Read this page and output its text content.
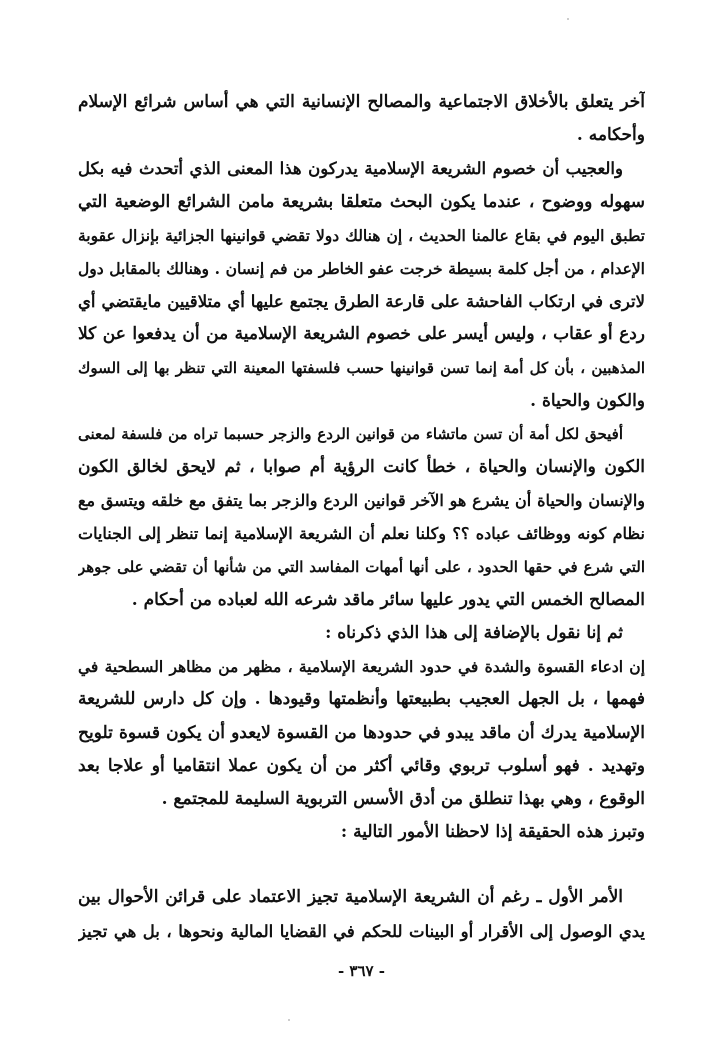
آخر يتعلق بالأخلاق الاجتماعية والمصالح الإنسانية التي هي أساس شرائع الإسلام
وأحكامه .
والعجيب أن خصوم الشريعة الإسلامية يدركون هذا المعنى الذي أتحدث فيه بكل
سهوله ووضوح ، عندما يكون البحث متعلقا بشريعة مامن الشرائع الوضعية التي
تطبق اليوم في بقاع عالمنا الحديث ، إن هنالك دولا تقضي قوانينها الجزائية بإنزال عقوبة
الإعدام ، من أجل كلمة بسيطة خرجت عفو الخاطر من فم إنسان . وهنالك بالمقابل دول
لاترى في ارتكاب الفاحشة على قارعة الطرق يجتمع عليها أي متلاقيين مايقتضي أي
ردع أو عقاب ، وليس أيسر على خصوم الشريعة الإسلامية من أن يدفعوا عن كلا
المذهبين ، بأن كل أمة إنما تسن قوانينها حسب فلسفتها المعينة التي تنظر بها إلى السوك
والكون والحياة .
أفيحق لكل أمة أن تسن ماتشاء من قوانين الردع والزجر حسبما تراه من فلسفة لمعنى
الكون والإنسان والحياة ، خطأ كانت الرؤية أم صوابا ، ثم لايحق لخالق الكون
والإنسان والحياة أن يشرع هو الآخر قوانين الردع والزجر بما يتفق مع خلقه ويتسق مع
نظام كونه ووظائف عباده ؟؟ وكلنا نعلم أن الشريعة الإسلامية إنما تنظر إلى الجنايات
التي شرع في حقها الحدود ، على أنها أمهات المفاسد التي من شأنها أن تقضي على جوهر
المصالح الخمس التي يدور عليها سائر ماقد شرعه الله لعباده من أحكام .
ثم إنا نقول بالإضافة إلى هذا الذي ذكرناه :
إن ادعاء القسوة والشدة في حدود الشريعة الإسلامية ، مظهر من مظاهر السطحية في
فهمها ، بل الجهل العجيب بطبيعتها وأنظمتها وقيودها . وإن كل دارس للشريعة
الإسلامية يدرك أن ماقد يبدو في حدودها من القسوة لايعدو أن يكون قسوة تلويح
وتهديد . فهو أسلوب تربوي وقائي أكثر من أن يكون عملا انتقاميا أو علاجا بعد
الوقوع ، وهي بهذا تنطلق من أدق الأسس التربوية السليمة للمجتمع .
وتبرز هذه الحقيقة إذا لاحظنا الأمور التالية :
الأمر الأول ـ رغم أن الشريعة الإسلامية تجيز الاعتماد على قرائن الأحوال بين
يدي الوصول إلى الأقرار أو البينات للحكم في القضايا المالية ونحوها ، بل هي تجيز
- ٣٦٧ -
